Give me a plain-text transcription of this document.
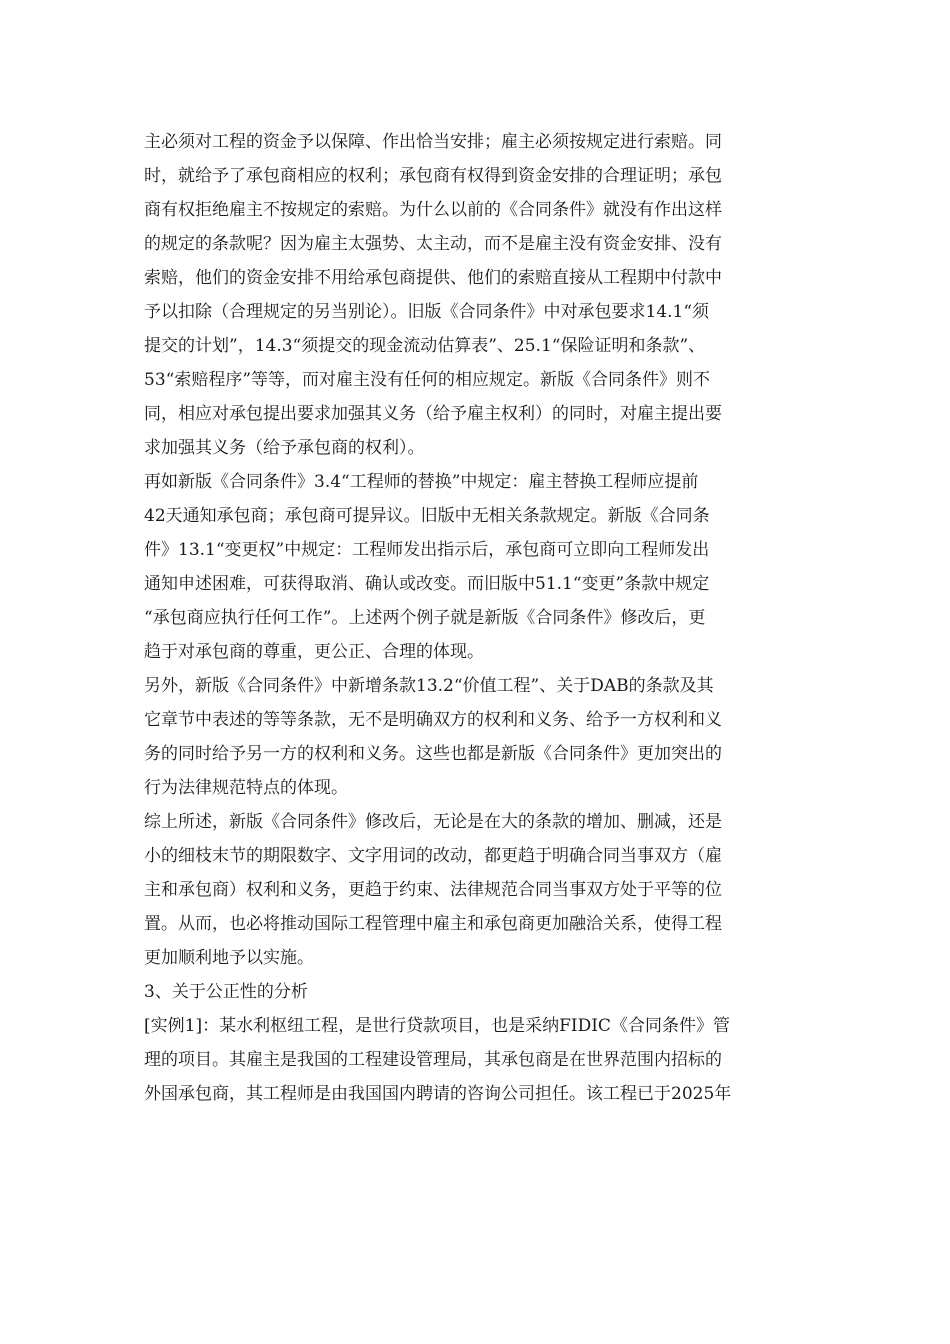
主必须对工程的资金予以保障、作出恰当安排；雇主必须按规定进行索赔。同
时，就给予了承包商相应的权利；承包商有权得到资金安排的合理证明；承包
商有权拒绝雇主不按规定的索赔。为什么以前的《合同条件》就没有作出这样
的规定的条款呢？因为雇主太强势、太主动，而不是雇主没有资金安排、没有
索赔，他们的资金安排不用给承包商提供、他们的索赔直接从工程期中付款中
予以扣除（合理规定的另当别论）。旧版《合同条件》中对承包要求14.1“须
提交的计划”，14.3“须提交的现金流动估算表”、25.1“保险证明和条款”、
53“索赔程序”等等，而对雇主没有任何的相应规定。新版《合同条件》则不
同，相应对承包提出要求加强其义务（给予雇主权利）的同时，对雇主提出要
求加强其义务（给予承包商的权利）。
再如新版《合同条件》3.4“工程师的替换”中规定：雇主替换工程师应提前
42天通知承包商；承包商可提异议。旧版中无相关条款规定。新版《合同条
件》13.1“变更权”中规定：工程师发出指示后，承包商可立即向工程师发出
通知申述困难，可获得取消、确认或改变。而旧版中51.1“变更”条款中规定
“承包商应执行任何工作”。上述两个例子就是新版《合同条件》修改后，更
趋于对承包商的尊重，更公正、合理的体现。
另外，新版《合同条件》中新增条款13.2“价值工程”、关于DAB的条款及其
它章节中表述的等等条款，无不是明确双方的权利和义务、给予一方权利和义
务的同时给予另一方的权利和义务。这些也都是新版《合同条件》更加突出的
行为法律规范特点的体现。
综上所述，新版《合同条件》修改后，无论是在大的条款的增加、删减，还是
小的细枝末节的期限数字、文字用词的改动，都更趋于明确合同当事双方（雇
主和承包商）权利和义务，更趋于约束、法律规范合同当事双方处于平等的位
置。从而，也必将推动国际工程管理中雇主和承包商更加融洽关系，使得工程
更加顺利地予以实施。
3、关于公正性的分析
[实例1]：某水利枢纽工程，是世行贷款项目，也是采纳FIDIC《合同条件》管
理的项目。其雇主是我国的工程建设管理局，其承包商是在世界范围内招标的
外国承包商，其工程师是由我国国内聘请的咨询公司担任。该工程已于2025年
